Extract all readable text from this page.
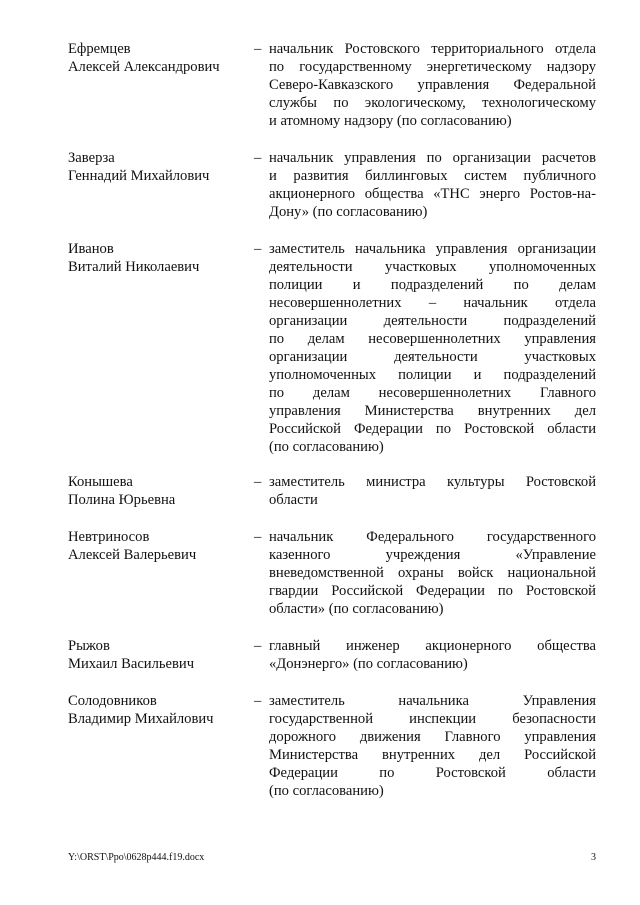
Ефремцев
Алексей Александрович
– начальник Ростовского территориального отдела
по государственному энергетическому надзору
Северо-Кавказского управления Федеральной
службы по экологическому, технологическому
и атомному надзору (по согласованию)
Заверза
Геннадий Михайлович
– начальник управления по организации расчетов
и развития биллинговых систем публичного
акционерного общества «ТНС энерго Ростов-на-
Дону» (по согласованию)
Иванов
Виталий Николаевич
– заместитель начальника управления организации
деятельности участковых уполномоченных
полиции и подразделений по делам
несовершеннолетних – начальник отдела
организации деятельности подразделений
по делам несовершеннолетних управления
организации деятельности участковых
уполномоченных полиции и подразделений
по делам несовершеннолетних Главного
управления Министерства внутренних дел
Российской Федерации по Ростовской области
(по согласованию)
Конышева
Полина Юрьевна
– заместитель министра культуры Ростовской
области
Невтриносов
Алексей Валерьевич
– начальник Федерального государственного
казенного учреждения «Управление
вневедомственной охраны войск национальной
гвардии Российской Федерации по Ростовской
области» (по согласованию)
Рыжов
Михаил Васильевич
– главный инженер акционерного общества
«Донэнерго» (по согласованию)
Солодовников
Владимир Михайлович
– заместитель начальника Управления
государственной инспекции безопасности
дорожного движения Главного управления
Министерства внутренних дел Российской
Федерации по Ростовской области
(по согласованию)
Y:\ORST\Ppo\0628p444.f19.docx	3
